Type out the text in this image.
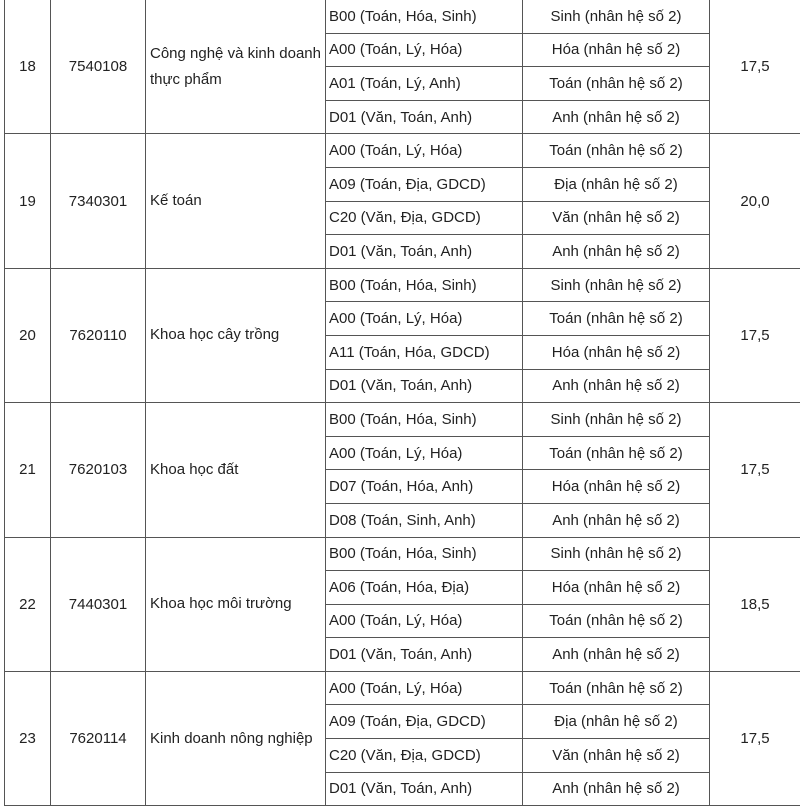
18	7540108	Công nghệ và kinh doanh thực phẩm	B00 (Toán, Hóa, Sinh)	Sinh (nhân hệ số 2)	17,5
			A00 (Toán, Lý, Hóa)	Hóa (nhân hệ số 2)	
			A01 (Toán, Lý, Anh)	Toán (nhân hệ số 2)	
			D01 (Văn, Toán, Anh)	Anh (nhân hệ số 2)	
19	7340301	Kế toán	A00 (Toán, Lý, Hóa)	Toán (nhân hệ số 2)	20,0
			A09 (Toán, Địa, GDCD)	Địa (nhân hệ số 2)	
			C20 (Văn, Địa, GDCD)	Văn (nhân hệ số 2)	
			D01 (Văn, Toán, Anh)	Anh (nhân hệ số 2)	
20	7620110	Khoa học cây trồng	B00 (Toán, Hóa, Sinh)	Sinh (nhân hệ số 2)	17,5
			A00 (Toán, Lý, Hóa)	Toán (nhân hệ số 2)	
			A11 (Toán, Hóa, GDCD)	Hóa (nhân hệ số 2)	
			D01 (Văn, Toán, Anh)	Anh (nhân hệ số 2)	
21	7620103	Khoa học đất	B00 (Toán, Hóa, Sinh)	Sinh (nhân hệ số 2)	17,5
			A00 (Toán, Lý, Hóa)	Toán (nhân hệ số 2)	
			D07 (Toán, Hóa, Anh)	Hóa (nhân hệ số 2)	
			D08 (Toán, Sinh, Anh)	Anh (nhân hệ số 2)	
22	7440301	Khoa học môi trường	B00 (Toán, Hóa, Sinh)	Sinh (nhân hệ số 2)	18,5
			A06 (Toán, Hóa, Địa)	Hóa (nhân hệ số 2)	
			A00 (Toán, Lý, Hóa)	Toán (nhân hệ số 2)	
			D01 (Văn, Toán, Anh)	Anh (nhân hệ số 2)	
23	7620114	Kinh doanh nông nghiệp	A00 (Toán, Lý, Hóa)	Toán (nhân hệ số 2)	17,5
			A09 (Toán, Địa, GDCD)	Địa (nhân hệ số 2)	
			C20 (Văn, Địa, GDCD)	Văn (nhân hệ số 2)	
			D01 (Văn, Toán, Anh)	Anh (nhân hệ số 2)	
